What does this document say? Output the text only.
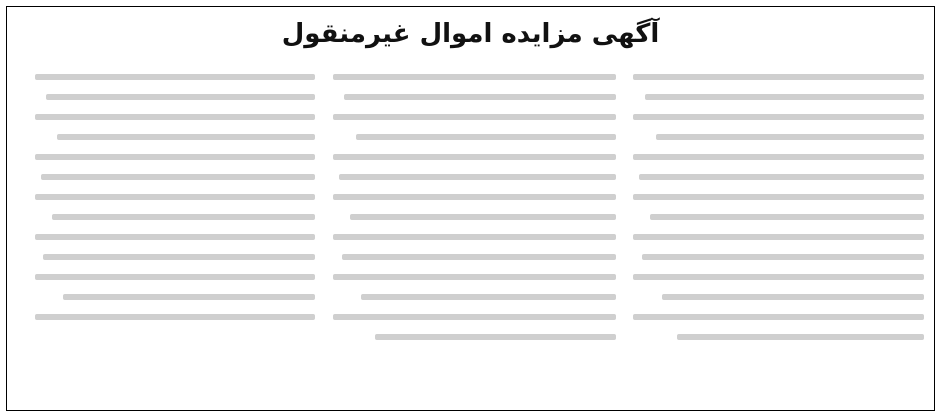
آگهی مزایده اموال غیرمنقول
